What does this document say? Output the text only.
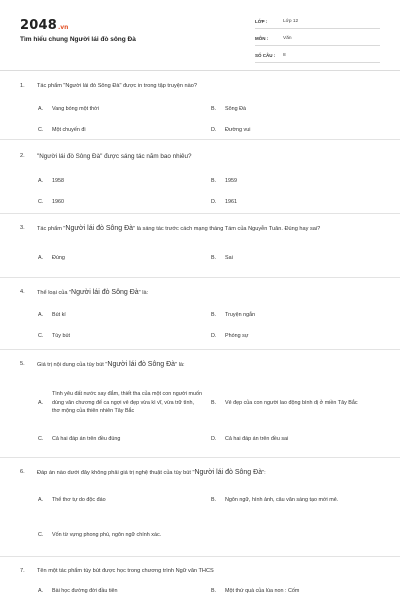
2048.vn
Tìm hiểu chung Người lái đò sông Đà
LỚP :	Lớp 12
MÔN :	Văn
SỐ CÂU :	8
1.	Tác phẩm "Người lái đò Sông Đà" được in trong tập truyện nào?
A.	Vang bóng một thời	B.	Sông Đà
C.	Một chuyến đi	D.	Đường vui
2.	"Người lái đò Sông Đà" được sáng tác năm bao nhiêu?
A.	1958	B.	1959
C.	1960	D.	1961
3.	Tác phẩm "Người lái đò Sông Đà" là sáng tác trước cách mạng tháng Tám của Nguyễn Tuân. Đúng hay sai?
A.	Đúng	B.	Sai
4.	Thể loại của "Người lái đò Sông Đà" là:
A.	Bút kí	B.	Truyện ngắn
C.	Tùy bút	D.	Phóng sự
5.	Giá trị nội dung của tùy bút "Người lái đò Sông Đà" là:
A.
Tình yêu đất nước say đắm, thiết tha của một con người muốn dùng văn chương để ca ngợi vẻ đẹp vừa kì vĩ, vừa trữ tình, thơ mộng của thiên nhiên Tây Bắc
B.	Vẻ đẹp của con người lao động bình dị ở miền Tây Bắc
C.	Cả hai đáp án trên đều đúng	D.	Cả hai đáp án trên đều sai
6.	Đáp án nào dưới đây không phải giá trị nghệ thuật của tùy bút "Người lái đò Sông Đà":
A.	Thể thơ tự do độc đáo	B.	Ngôn ngữ, hình ảnh, câu văn sáng tạo mới mẻ.
C.	Vốn từ vựng phong phú, ngôn ngữ chính xác.
7.	Tên một tác phẩm tùy bút được học trong chương trình Ngữ văn THCS
A.	Bài học đường đời đầu tiên	B.	Một thứ quà của lúa non : Cốm
